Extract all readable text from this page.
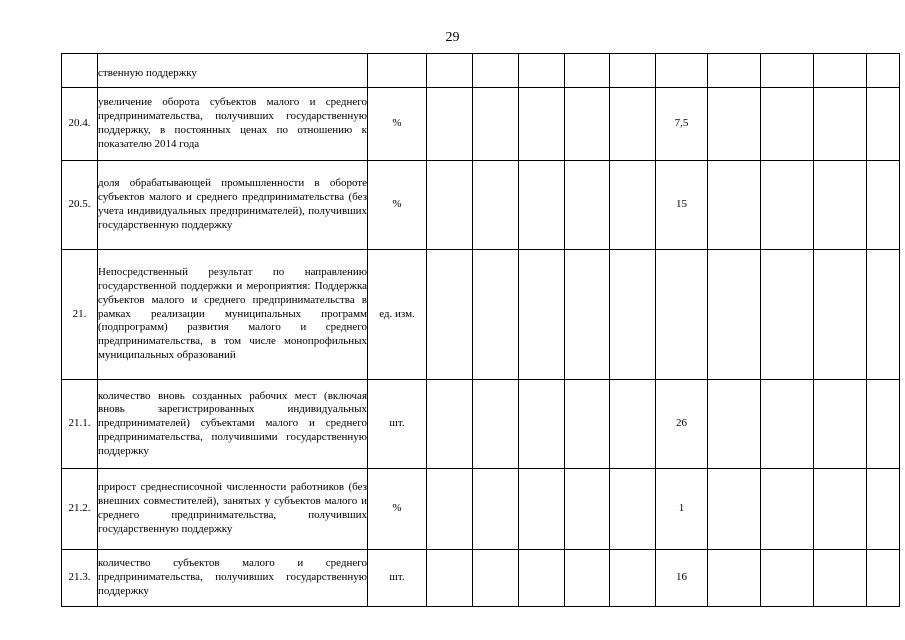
29
	ственную поддержку											
20.4.	увеличение оборота субъектов малого и среднего предпринимательства, получивших государственную поддержку, в постоянных ценах по отношению к показателю 2014 года	%						7,5				
20.5.	доля обрабатывающей промышленности в обороте субъектов малого и среднего предпринимательства (без учета индивидуальных предпринимателей), получивших государственную поддержку	%						15				
21.	Непосредственный результат по направлению государственной поддержки и мероприятия: Поддержка субъектов малого и среднего предпринимательства в рамках реализации муниципальных программ (подпрограмм) развития малого и среднего предпринимательства, в том числе монопрофильных муниципальных образований	ед. изм.										
21.1.	количество вновь созданных рабочих мест (включая вновь зарегистрированных индивидуальных предпринимателей) субъектами малого и среднего предпринимательства, получившими государственную поддержку	шт.						26				
21.2.	прирост среднесписочной численности работников (без внешних совместителей), занятых у субъектов малого и среднего предпринимательства, получивших государственную поддержку	%						1				
21.3.	количество субъектов малого и среднего предпринимательства, получивших государственную поддержку	шт.						16				
